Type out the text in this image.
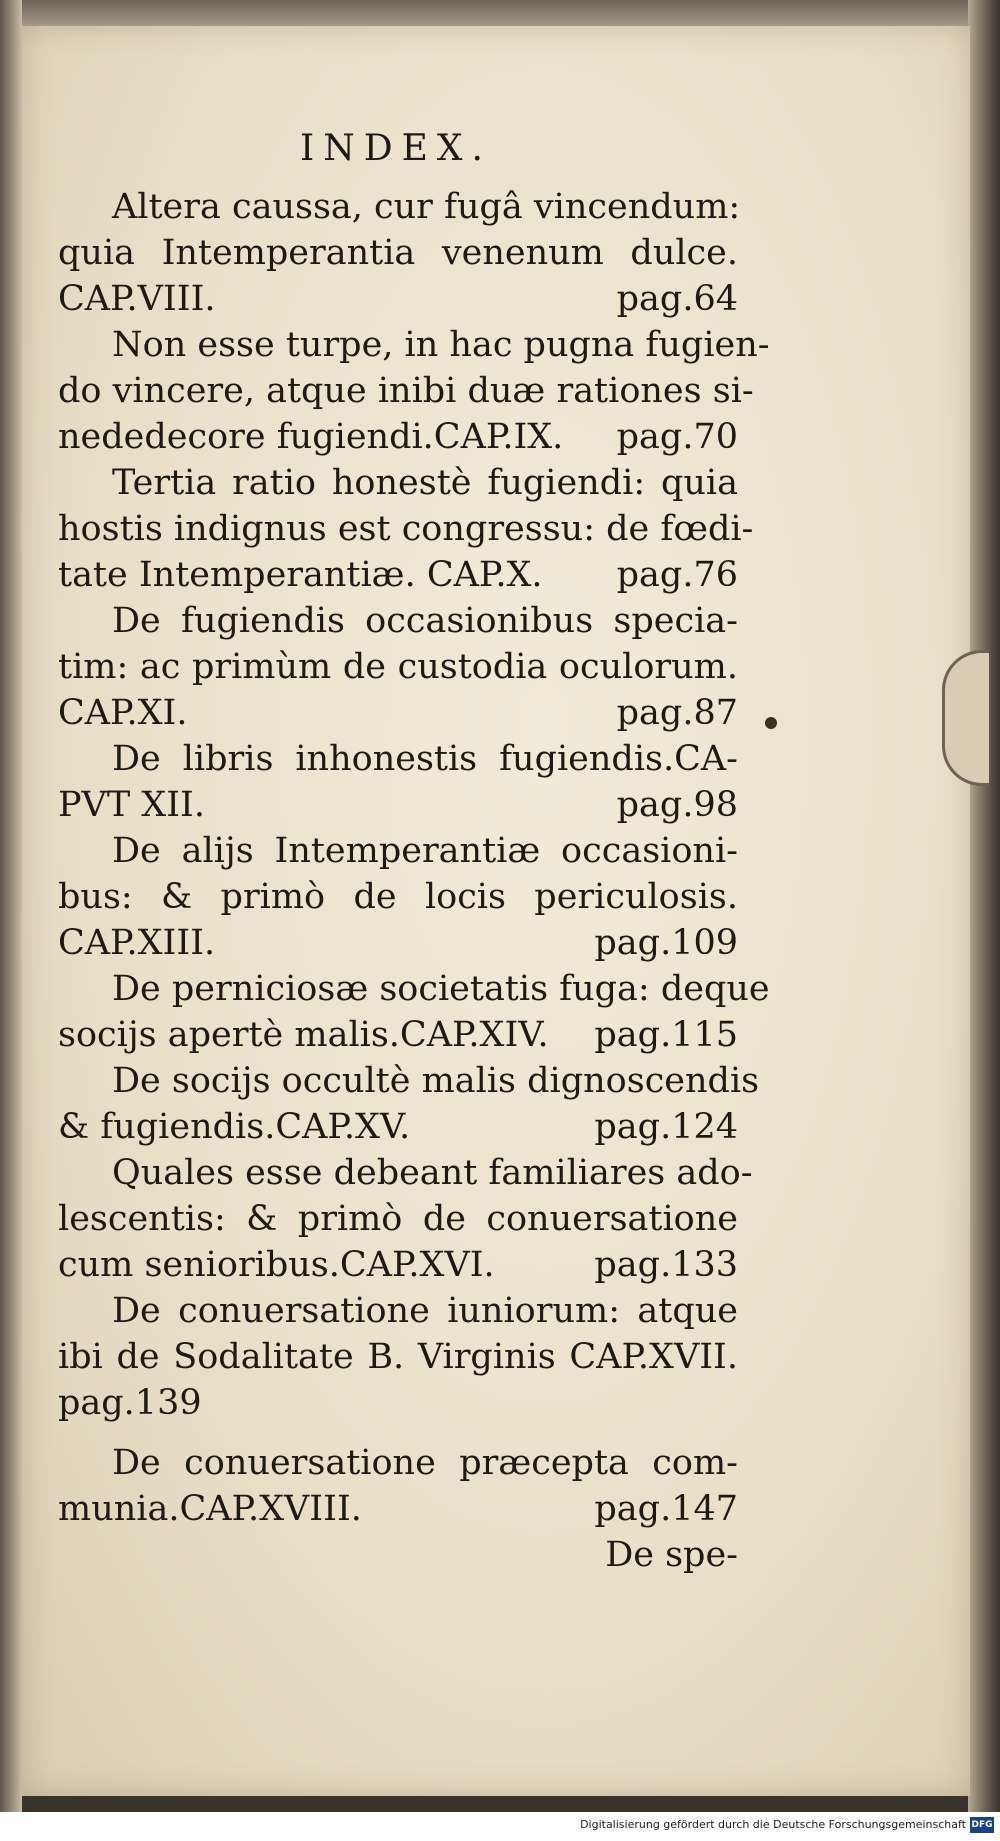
INDEX.
Altera caussa, cur fugâ vincendum:
quia Intemperantia venenum dulce.
CAP.VIII.	pag.64
Non esse turpe, in hac pugna fugien-
do vincere, atque inibi duæ rationes si-
nededecore fugiendi.CAP.IX. pag.70
Tertia ratio honestè fugiendi: quia
hostis indignus est congressu: de fœdi-
tate Intemperantiæ. CAP.X. pag.76
De fugiendis occasionibus specia-
tim: ac primùm de custodia oculorum.
CAP.XI.	pag.87
De libris inhonestis fugiendis.CA-
PVT XII.	pag.98
De alijs Intemperantiæ occasioni-
bus: & primò de locis periculosis.
CAP.XIII.	pag.109
De perniciosæ societatis fuga: deque
socijs apertè malis.CAP.XIV. pag.115
De socijs occultè malis dignoscendis
& fugiendis.CAP.XV.	pag.124
Quales esse debeant familiares ado-
lescentis: & primò de conuersatione
cum senioribus.CAP.XVI.	pag.133
De conuersatione iuniorum: atque
ibi de Sodalitate B. Virginis CAP.XVII.
pag.139
De conuersatione præcepta com-
munia.CAP.XVIII.	pag.147
De spe-
Digitalisierung gefördert durch die Deutsche Forschungsgemeinschaft DFG
